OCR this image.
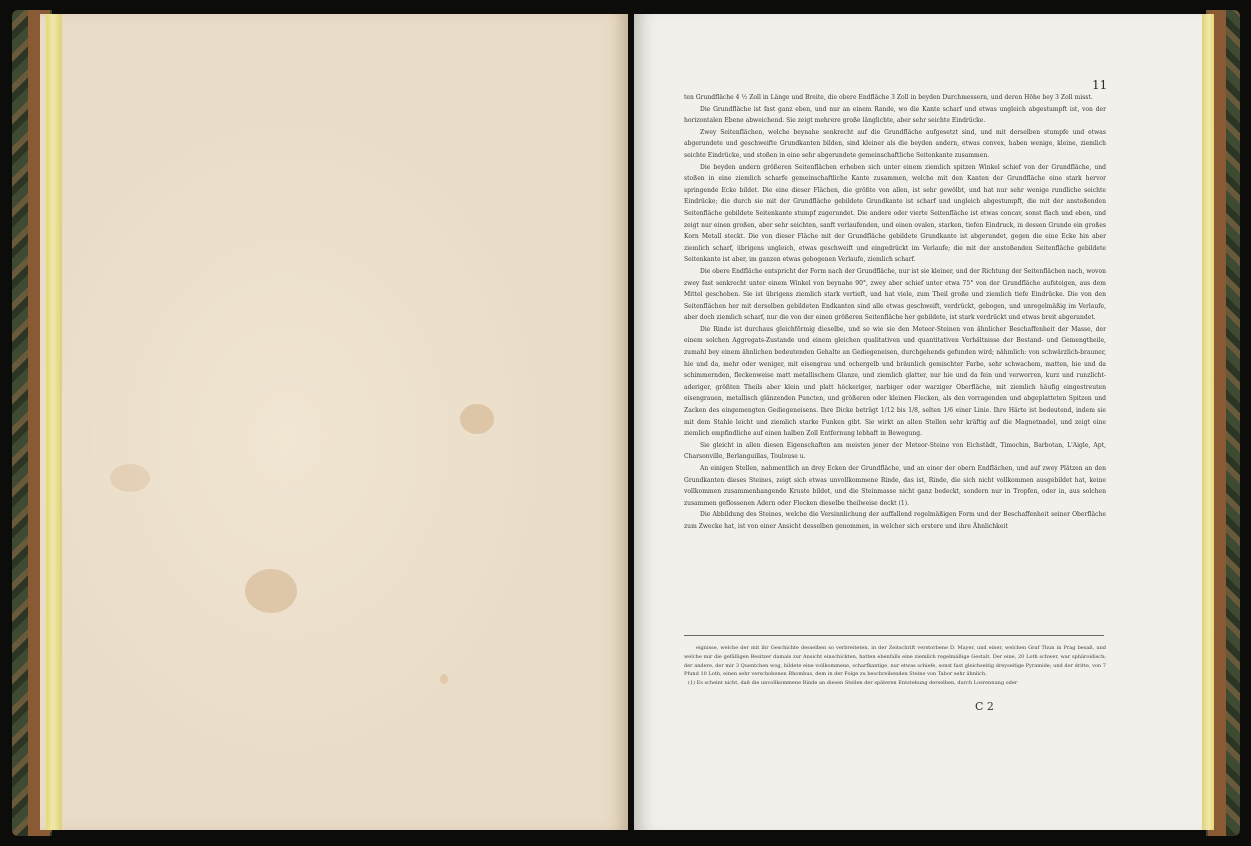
11

ten Grundfläche 4 ½ Zoll in Länge und Breite, die obere Endfläche 3 Zoll in beyden Durchmessern, und deren Höhe bey 3 Zoll misst.

Die Grundfläche ist fast ganz eben, und nur an einem Rande, wo die Kante scharf und etwas ungleich abgestumpft ist, von der horizontalen Ebene abweichend. Sie zeigt mehrere große länglichte, aber sehr seichte Eindrücke.

Zwey Seitenflächen, welche beynahe senkrecht auf die Grundfläche aufgesetzt sind, und mit derselben stumpfe und etwas abgerundete und geschweifte Grundkanten bilden, sind kleiner als die beyden andern, etwas convex, haben wenige, kleine, ziemlich seichte Eindrücke, und stoßen in eine sehr abgerundete gemeinschaftliche Seitenkante zusammen.

Die beyden andern größeren Seitenflächen erheben sich unter einem ziemlich spitzen Winkel schief von der Grundfläche, und stoßen in eine ziemlich scharfe gemeinschaftliche Kante zusammen, welche mit den Kanten der Grundfläche eine stark hervor springende Ecke bildet. Die eine dieser Flächen, die größte von allen, ist sehr gewölbt, und hat nur sehr wenige rundliche seichte Eindrücke; die durch sie mit der Grundfläche gebildete Grundkante ist scharf und ungleich abgestumpft, die mit der anstoßenden Seitenfläche gebildete Seitenkante stumpf zugerundet. Die andere oder vierte Seitenfläche ist etwas concav, sonst flach und eben, und zeigt nur einen großen, aber sehr seichten, sanft verlaufenden, und einen ovalen, starken, tiefen Eindruck, in dessen Grunde ein großes Korn Metall steckt. Die von dieser Fläche mit der Grundfläche gebildete Grundkante ist abgerundet, gegen die eine Ecke hin aber ziemlich scharf, übrigens ungleich, etwas geschweift und eingedrückt im Verlaufe; die mit der anstoßenden Seitenfläche gebildete Seitenkante ist aber, im ganzen etwas gebogenen Verlaufe, ziemlich scharf.

Die obere Endfläche entspricht der Form nach der Grundfläche, nur ist sie kleiner, und der Richtung der Seitenflächen nach, wovon zwey fast senkrecht unter einem Winkel von beynahe 90°, zwey aber schief unter etwa 75° von der Grundfläche aufsteigen, aus dem Mittel geschoben. Sie ist übrigens ziemlich stark vertieft, und hat viele, zum Theil große und ziemlich tiefe Eindrücke. Die von den Seitenflächen her mit derselben gebildeten Endkanten sind alle etwas geschweift, verdrückt, gebogen, und unregelmäßig im Verlaufe, aber doch ziemlich scharf, nur die von der einen größeren Seitenfläche her gebildete, ist stark verdrückt und etwas breit abgerundet.

Die Rinde ist durchaus gleichförmig dieselbe, und so wie sie den Meteor-Steinen von ähnlicher Beschaffenheit der Masse, der einem solchen Aggregats-Zustande und einem gleichen qualitativen und quantitativen Verhältnisse der Bestand- und Gemengtheile, zumahl bey einem ähnlichen bedeutenden Gehalte an Gediegeneisen, durchgehends gefunden wird; nähmlich: von schwärzlich-brauner, hie und da, mehr oder weniger, mit eisengrau und ochergelb und bräunlich gemischter Farbe, sehr schwachem, matten, hie und da schimmernden, fleckenweise matt metallischem Glanze, und ziemlich glatter, nur hie und da fein und verworren, kurz und runzlicht-aderiger, größten Theils aber klein und platt höckeriger, narbiger oder warziger Oberfläche, mit ziemlich häufig eingestreuten eisengrauen, metallisch glänzenden Puncten, und größeren oder kleinen Flecken, als den vorragenden und abgeplatteten Spitzen und Zacken des eingemengten Gediegeneisens. Ihre Dicke beträgt 1/12 bis 1/8, selten 1/6 einer Linie. Ihre Härte ist bedeutend, indem sie mit dem Stahle leicht und ziemlich starke Funken gibt. Sie wirkt an allen Stellen sehr kräftig auf die Magnetnadel, und zeigt eine ziemlich empfindliche auf einen halben Zoll Entfernung lebhaft in Bewegung.

Sie gleicht in allen diesen Eigenschaften am meisten jener der Meteor-Steine von Eichstädt, Timochin, Barbotan, L'Aigle, Apt, Charsonville, Berlanguillas, Toulouse u.

An einigen Stellen, nahmentlich an drey Ecken der Grundfläche, und an einer der obern Endflächen, und auf zwey Plätzen an den Grundkanten dieses Steines, zeigt sich etwas unvollkommene Rinde, das ist, Rinde, die sich nicht vollkommen ausgebildet hat, keine vollkommen zusammenhangende Kruste bildet, und die Steinmasse nicht ganz bedeckt, sondern nur in Tropfen, oder in, aus solchen zusammen geflossenen Adern oder Flecken dieselbe theilweise deckt (1).

Die Abbildung des Steines, welche die Versinnlichung der auffallend regelmäßigen Form und der Beschaffenheit seiner Oberfläche zum Zwecke hat, ist von einer Ansicht desselben genommen, in welcher sich erstere und ihre Ähnlichkeit

eignisse, welche der mit ihr Geschichte desselben so verbreiteten, in der Zeitschrift verstorbene D. Mayer, und einer, welchen Graf Thun in Prag besaß, und welche mir die gefälligen Besitzer damals zur Ansicht einschickten, hatten ebenfalls eine ziemlich regelmäßige Gestalt. Der eine, 20 Loth schwer, war sphäroidisch; der andere, der mir 3 Quentchen wog, bildete eine vollkommene, scharfkantige, nur etwas schiefe, sonst fast gleichseitig dreyseitige Pyramide; und der dritte, von 7 Pfund 10 Loth, einen sehr verschobenen Rhombus, dem in der Folge zu beschreibenden Steine von Tabor sehr ähnlich.

(1) Es scheint nicht, daß die unvollkommene Rinde an diesen Stellen der späteren Entstehung derselben, durch Losrennung oder

C 2
